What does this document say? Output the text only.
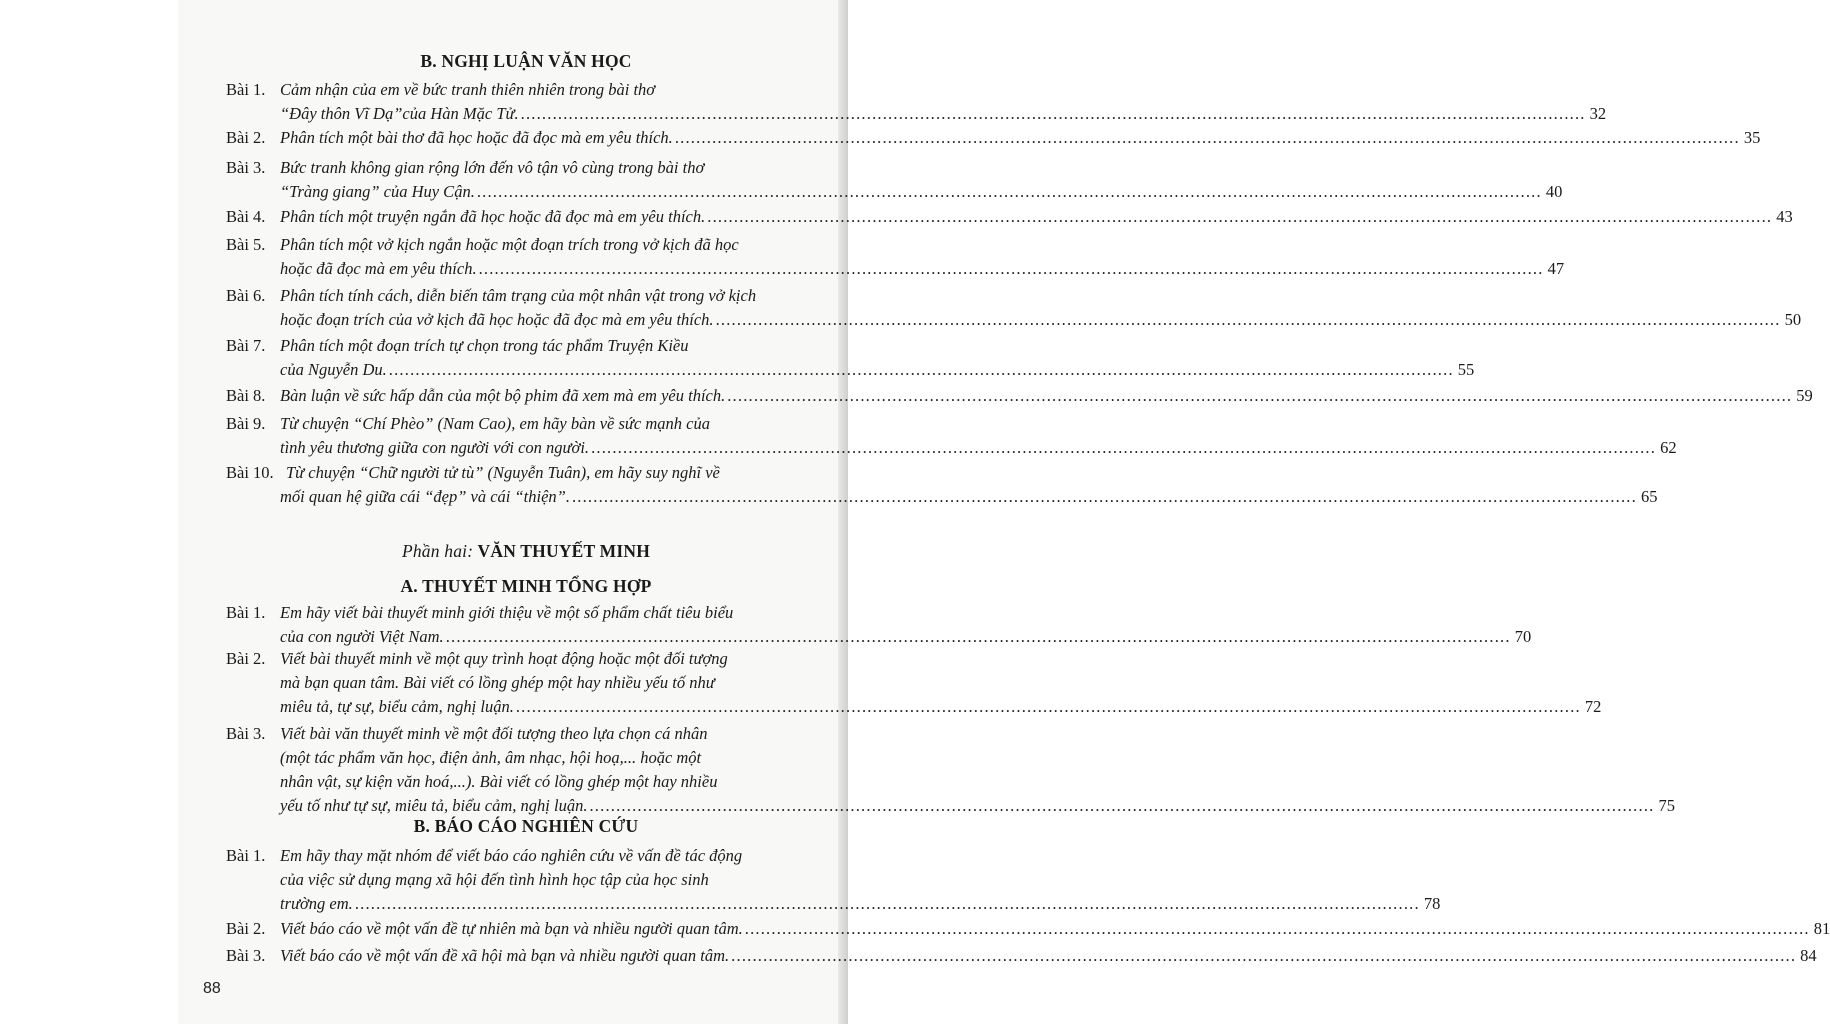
B. NGHỊ LUẬN VĂN HỌC
Bài 1. Cảm nhận của em về bức tranh thiên nhiên trong bài thơ
“Đây thôn Vĩ Dạ”của Hàn Mặc Tử. ........................................................................................................................................................................................................ 32
Bài 2. Phân tích một bài thơ đã học hoặc đã đọc mà em yêu thích. ........................................................................................................................................................................................................ 35
Bài 3. Bức tranh không gian rộng lớn đến vô tận vô cùng trong bài thơ
“Tràng giang” của Huy Cận. ........................................................................................................................................................................................................ 40
Bài 4. Phân tích một truyện ngắn đã học hoặc đã đọc mà em yêu thích. ........................................................................................................................................................................................................ 43
Bài 5. Phân tích một vở kịch ngắn hoặc một đoạn trích trong vở kịch đã học
hoặc đã đọc mà em yêu thích. ........................................................................................................................................................................................................ 47
Bài 6. Phân tích tính cách, diễn biến tâm trạng của một nhân vật trong vở kịch
hoặc đoạn trích của vở kịch đã học hoặc đã đọc mà em yêu thích. ........................................................................................................................................................................................................ 50
Bài 7. Phân tích một đoạn trích tự chọn trong tác phẩm Truyện Kiều
của Nguyễn Du. ........................................................................................................................................................................................................ 55
Bài 8. Bàn luận về sức hấp dẫn của một bộ phim đã xem mà em yêu thích. ........................................................................................................................................................................................................ 59
Bài 9. Từ chuyện “Chí Phèo” (Nam Cao), em hãy bàn về sức mạnh của
tình yêu thương giữa con người với con người. ........................................................................................................................................................................................................ 62
Bài 10. Từ chuyện “Chữ người tử tù” (Nguyễn Tuân), em hãy suy nghĩ về
mối quan hệ giữa cái “đẹp” và cái “thiện”. ........................................................................................................................................................................................................ 65
Phần hai: VĂN THUYẾT MINH
A. THUYẾT MINH TỔNG HỢP
Bài 1. Em hãy viết bài thuyết minh giới thiệu về một số phẩm chất tiêu biểu
của con người Việt Nam. ........................................................................................................................................................................................................ 70
Bài 2. Viết bài thuyết minh về một quy trình hoạt động hoặc một đối tượng
mà bạn quan tâm. Bài viết có lồng ghép một hay nhiều yếu tố như
miêu tả, tự sự, biểu cảm, nghị luận. ........................................................................................................................................................................................................ 72
Bài 3. Viết bài văn thuyết minh về một đối tượng theo lựa chọn cá nhân
(một tác phẩm văn học, điện ảnh, âm nhạc, hội hoạ,... hoặc một
nhân vật, sự kiện văn hoá,...). Bài viết có lồng ghép một hay nhiều
yếu tố như tự sự, miêu tả, biểu cảm, nghị luận. ........................................................................................................................................................................................................ 75
B. BÁO CÁO NGHIÊN CỨU
Bài 1. Em hãy thay mặt nhóm để viết báo cáo nghiên cứu về vấn đề tác động
của việc sử dụng mạng xã hội đến tình hình học tập của học sinh
trường em. ........................................................................................................................................................................................................ 78
Bài 2. Viết báo cáo về một vấn đề tự nhiên mà bạn và nhiều người quan tâm. ........................................................................................................................................................................................................ 81
Bài 3. Viết báo cáo về một vấn đề xã hội mà bạn và nhiều người quan tâm. ........................................................................................................................................................................................................ 84
88
